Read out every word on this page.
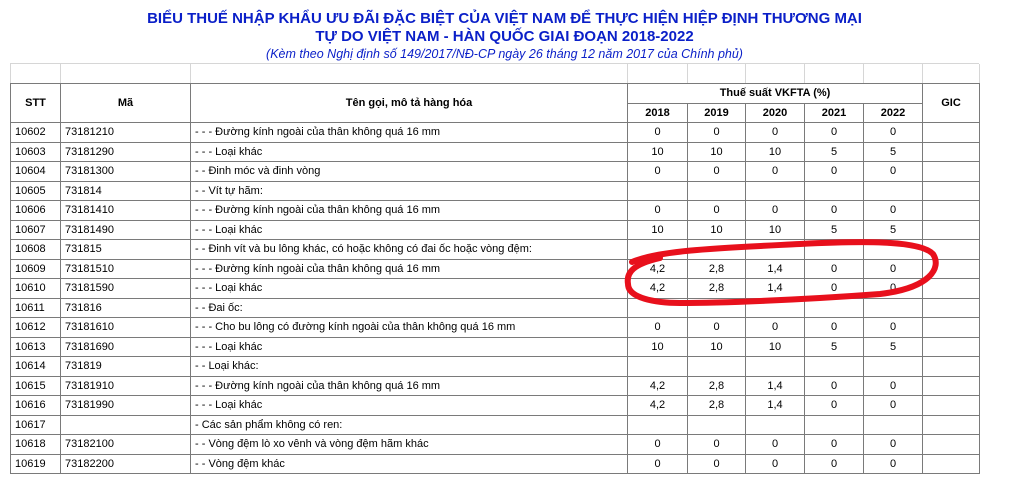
BIỂU THUẾ NHẬP KHẨU ƯU ĐÃI ĐẶC BIỆT CỦA VIỆT NAM ĐỂ THỰC HIỆN HIỆP ĐỊNH THƯƠNG MẠI
TỰ DO VIỆT NAM - HÀN QUỐC GIAI ĐOẠN 2018-2022
(Kèm theo Nghị định số 149/2017/NĐ-CP ngày 26 tháng 12 năm 2017 của Chính phủ)
STT	Mã	Tên gọi, mô tả hàng hóa	Thuế suất VKFTA (%)					GIC
			2018	2019	2020	2021	2022	
10602	73181210	- - - Đường kính ngoài của thân không quá 16 mm	0	0	0	0	0	
10603	73181290	- - - Loại khác	10	10	10	5	5	
10604	73181300	- - Đinh móc và đinh vòng	0	0	0	0	0	
10605	731814	- - Vít tự hãm:						
10606	73181410	- - - Đường kính ngoài của thân không quá 16 mm	0	0	0	0	0	
10607	73181490	- - - Loại khác	10	10	10	5	5	
10608	731815	- - Đinh vít và bu lông khác, có hoặc không có đai ốc hoặc vòng đệm:						
10609	73181510	- - - Đường kính ngoài của thân không quá 16 mm	4,2	2,8	1,4	0	0	
10610	73181590	- - - Loại khác	4,2	2,8	1,4	0	0	
10611	731816	- - Đai ốc:						
10612	73181610	- - - Cho bu lông có đường kính ngoài của thân không quá 16 mm	0	0	0	0	0	
10613	73181690	- - - Loại khác	10	10	10	5	5	
10614	731819	- - Loại khác:						
10615	73181910	- - - Đường kính ngoài của thân không quá 16 mm	4,2	2,8	1,4	0	0	
10616	73181990	- - - Loại khác	4,2	2,8	1,4	0	0	
10617		- Các sản phẩm không có ren:						
10618	73182100	- - Vòng đệm lò xo vênh và vòng đệm hãm khác	0	0	0	0	0	
10619	73182200	- - Vòng đệm khác	0	0	0	0	0	
